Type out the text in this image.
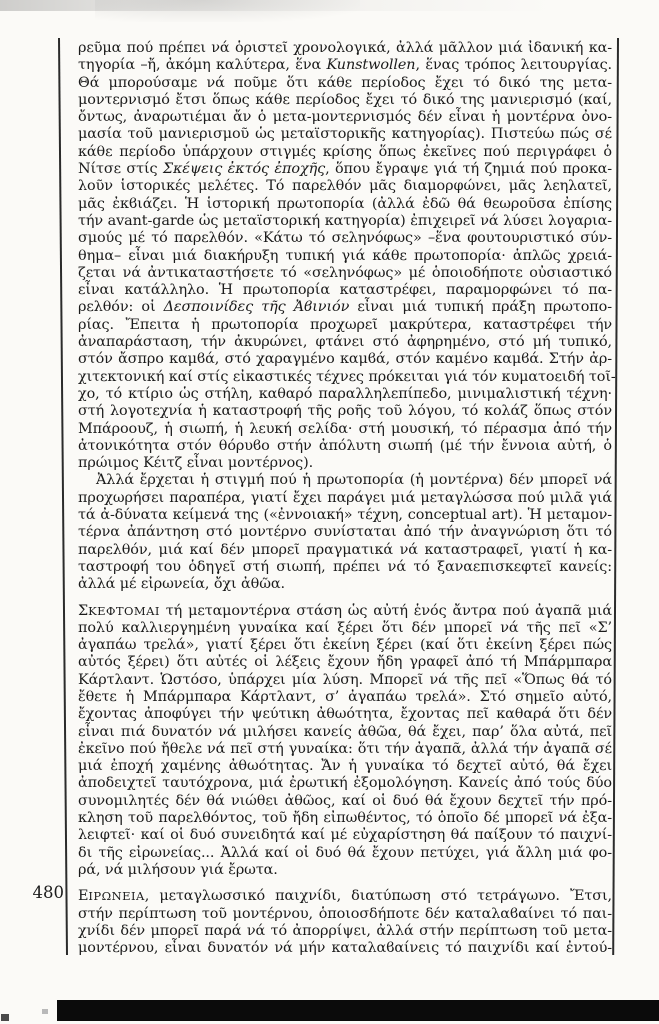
ρεῦμα πού πρέπει νά ὁριστεῖ χρονολογικά, ἀλλά μᾶλλον μιά ἰδανική κα-
τηγορία –ἤ, ἀκόμη καλύτερα, ἕνα Kunstwollen, ἕνας τρόπος λειτουργίας.
Θά μπορούσαμε νά ποῦμε ὅτι κάθε περίοδος ἔχει τό δικό της μετα-
μοντερνισμό ἔτσι ὅπως κάθε περίοδος ἔχει τό δικό της μανιερισμό (καί,
ὄντως, ἀναρωτιέμαι ἄν ὁ μετα-μοντερνισμός δέν εἶναι ἡ μοντέρνα ὀνο-
μασία τοῦ μανιερισμοῦ ὡς μεταϊστορικῆς κατηγορίας). Πιστεύω πώς σέ
κάθε περίοδο ὑπάρχουν στιγμές κρίσης ὅπως ἐκεῖνες πού περιγράφει ὁ
Νίτσε στίς Σκέψεις ἐκτός ἐποχῆς, ὅπου ἔγραψε γιά τή ζημιά πού προκα-
λοῦν ἱστορικές μελέτες. Τό παρελθόν μᾶς διαμορφώνει, μᾶς λεηλατεῖ,
μᾶς ἐκϐιάζει. Ἡ ἱστορική πρωτοπορία (ἀλλά ἐδῶ θά θεωροῦσα ἐπίσης
τήν avant-garde ὡς μεταϊστορική κατηγορία) ἐπιχειρεῖ νά λύσει λογαρια-
σμούς μέ τό παρελθόν. «Κάτω τό σεληνόφως» –ἕνα φουτουριστικό σύν-
θημα– εἶναι μιά διακήρυξη τυπική γιά κάθε πρωτοπορία· ἁπλῶς χρειά-
ζεται νά ἀντικαταστήσετε τό «σεληνόφως» μέ ὁποιοδήποτε οὐσιαστικό
εἶναι κατάλληλο. Ἡ πρωτοπορία καταστρέφει, παραμορφώνει τό πα-
ρελθόν: οἱ Δεσποινίδες τῆς Ἀϐινιόν εἶναι μιά τυπική πράξη πρωτοπο-
ρίας. Ἔπειτα ἡ πρωτοπορία προχωρεῖ μακρύτερα, καταστρέφει τήν
ἀναπαράσταση, τήν ἀκυρώνει, φτάνει στό ἀφηρημένο, στό μή τυπικό,
στόν ἄσπρο καμϐά, στό χαραγμένο καμϐά, στόν καμένο καμϐά. Στήν ἀρ-
χιτεκτονική καί στίς εἰκαστικές τέχνες πρόκειται γιά τόν κυματοειδή τοῖ-
χο, τό κτίριο ὡς στήλη, καθαρό παραλληλεπίπεδο, μινιμαλιστική τέχνη·
στή λογοτεχνία ἡ καταστροφή τῆς ροῆς τοῦ λόγου, τό κολάζ ὅπως στόν
Μπάροουζ, ἡ σιωπή, ἡ λευκή σελίδα· στή μουσική, τό πέρασμα ἀπό τήν
ἀτονικότητα στόν θόρυϐο στήν ἀπόλυτη σιωπή (μέ τήν ἔννοια αὐτή, ὁ
πρώιμος Κέιτζ εἶναι μοντέρνος).
Ἀλλά ἔρχεται ἡ στιγμή πού ἡ πρωτοπορία (ἡ μοντέρνα) δέν μπορεῖ νά
προχωρήσει παραπέρα, γιατί ἔχει παράγει μιά μεταγλώσσα πού μιλᾶ γιά
τά ἀ-δύνατα κείμενά της («ἐννοιακή» τέχνη, conceptual art). Ἡ μεταμον-
τέρνα ἀπάντηση στό μοντέρνο συνίσταται ἀπό τήν ἀναγνώριση ὅτι τό
παρελθόν, μιά καί δέν μπορεῖ πραγματικά νά καταστραφεῖ, γιατί ἡ κα-
ταστροφή του ὁδηγεῖ στή σιωπή, πρέπει νά τό ξαναεπισκεφτεῖ κανείς:
ἀλλά μέ εἰρωνεία, ὄχι ἀθῶα.
ΣΚΕΦΤΟΜΑΙ τή μεταμοντέρνα στάση ὡς αὐτή ἑνός ἄντρα πού ἀγαπᾶ μιά
πολύ καλλιεργημένη γυναίκα καί ξέρει ὅτι δέν μπορεῖ νά τῆς πεῖ «Σ’
ἀγαπάω τρελά», γιατί ξέρει ὅτι ἐκείνη ξέρει (καί ὅτι ἐκείνη ξέρει πώς
αὐτός ξέρει) ὅτι αὐτές οἱ λέξεις ἔχουν ἤδη γραφεῖ ἀπό τή Μπάρμπαρα
Κάρτλαντ. Ὡστόσο, ὑπάρχει μία λύση. Μπορεῖ νά τῆς πεῖ «Ὅπως θά τό
ἔθετε ἡ Μπάρμπαρα Κάρτλαντ, σ’ ἀγαπάω τρελά». Στό σημεῖο αὐτό,
ἔχοντας ἀποφύγει τήν ψεύτικη ἀθωότητα, ἔχοντας πεῖ καθαρά ὅτι δέν
εἶναι πιά δυνατόν νά μιλήσει κανείς ἀθῶα, θά ἔχει, παρ’ ὅλα αὐτά, πεῖ
ἐκεῖνο πού ἤθελε νά πεῖ στή γυναίκα: ὅτι τήν ἀγαπᾶ, ἀλλά τήν ἀγαπᾶ σέ
μιά ἐποχή χαμένης ἀθωότητας. Ἄν ἡ γυναίκα τό δεχτεῖ αὐτό, θά ἔχει
ἀποδειχτεῖ ταυτόχρονα, μιά ἐρωτική ἐξομολόγηση. Κανείς ἀπό τούς δύο
συνομιλητές δέν θά νιώθει ἀθῶος, καί οἱ δυό θά ἔχουν δεχτεῖ τήν πρό-
κληση τοῦ παρελθόντος, τοῦ ἤδη εἰπωθέντος, τό ὁποῖο δέ μπορεῖ νά ἐξα-
λειφτεῖ· καί οἱ δυό συνειδητά καί μέ εὐχαρίστηση θά παίξουν τό παιχνί-
δι τῆς εἰρωνείας... Ἀλλά καί οἱ δυό θά ἔχουν πετύχει, γιά ἄλλη μιά φο-
ρά, νά μιλήσουν γιά ἔρωτα.
ΕΙΡΩΝΕΙΑ, μεταγλωσσικό παιχνίδι, διατύπωση στό τετράγωνο. Ἔτσι,
στήν περίπτωση τοῦ μοντέρνου, ὁποιοσδήποτε δέν καταλαϐαίνει τό παι-
χνίδι δέν μπορεῖ παρά νά τό ἀπορρίψει, ἀλλά στήν περίπτωση τοῦ μετα-
μοντέρνου, εἶναι δυνατόν νά μήν καταλαϐαίνεις τό παιχνίδι καί ἐντού-
480
